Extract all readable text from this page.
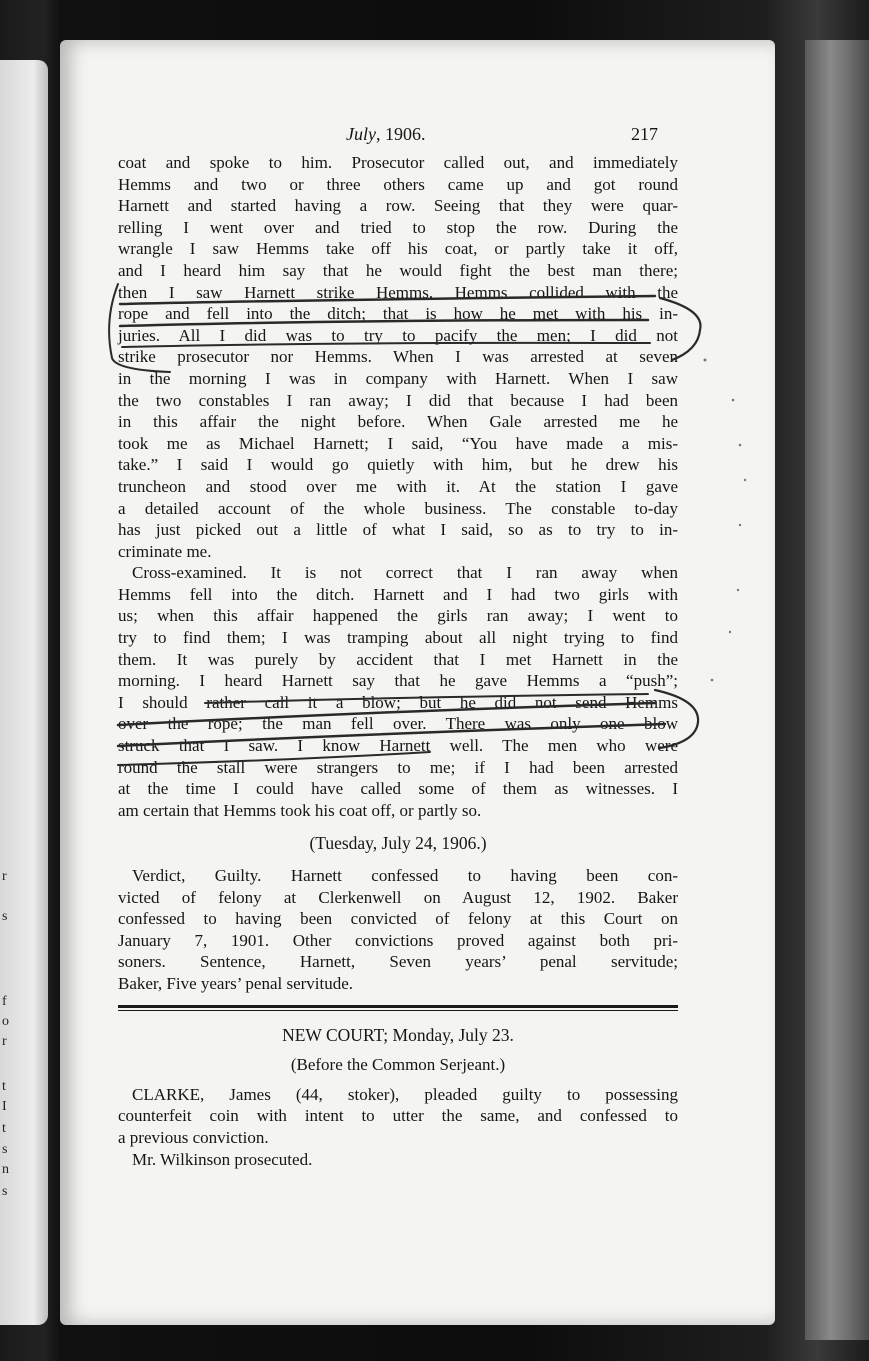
r
s
f
o
r
t
I
t
s
n
s
July, 1906.	217
coat and spoke to him. Prosecutor called out, and immediately
Hemms and two or three others came up and got round
Harnett and started having a row. Seeing that they were quar-
relling I went over and tried to stop the row. During the
wrangle I saw Hemms take off his coat, or partly take it off,
and I heard him say that he would fight the best man there;
then I saw Harnett strike Hemms. Hemms collided with the
rope and fell into the ditch; that is how he met with his in-
juries. All I did was to try to pacify the men; I did not
strike prosecutor nor Hemms. When I was arrested at seven
in the morning I was in company with Harnett. When I saw
the two constables I ran away; I did that because I had been
in this affair the night before. When Gale arrested me he
took me as Michael Harnett; I said, “You have made a mis-
take.” I said I would go quietly with him, but he drew his
truncheon and stood over me with it. At the station I gave
a detailed account of the whole business. The constable to-day
has just picked out a little of what I said, so as to try to in-
criminate me.
Cross-examined. It is not correct that I ran away when
Hemms fell into the ditch. Harnett and I had two girls with
us; when this affair happened the girls ran away; I went to
try to find them; I was tramping about all night trying to find
them. It was purely by accident that I met Harnett in the
morning. I heard Harnett say that he gave Hemms a “push”;
I should rather call it a blow; but he did not send Hemms
over the rope; the man fell over. There was only one blow
struck that I saw. I know Harnett well. The men who were
round the stall were strangers to me; if I had been arrested
at the time I could have called some of them as witnesses. I
am certain that Hemms took his coat off, or partly so.
(Tuesday, July 24, 1906.)
Verdict, Guilty. Harnett confessed to having been con-
victed of felony at Clerkenwell on August 12, 1902. Baker
confessed to having been convicted of felony at this Court on
January 7, 1901. Other convictions proved against both pri-
soners. Sentence, Harnett, Seven years’ penal servitude;
Baker, Five years’ penal servitude.
NEW COURT; Monday, July 23.
(Before the Common Serjeant.)
CLARKE, James (44, stoker), pleaded guilty to possessing
counterfeit coin with intent to utter the same, and confessed to
a previous conviction.
Mr. Wilkinson prosecuted.
